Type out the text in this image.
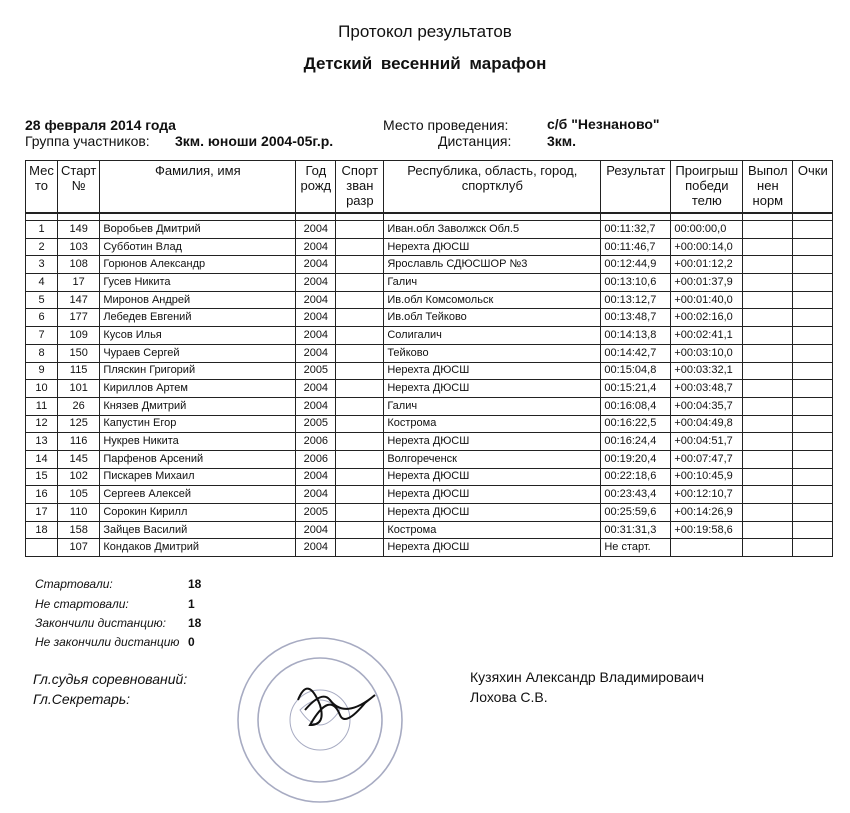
Протокол результатов
Детский весенний марафон
28 февраля 2014 года
Группа участников: 3км. юноши 2004-05г.р.
Место проведения:	с/б "Незнаново"
Дистанция:	3км.
Мес то	Старт №	Фамилия, имя	Год рожд	Спорт зван разр	Республика, область, город, спортклуб	Результат	Проигрыш победи телю	Выпол нен норм	Очки

1	149	Воробьев Дмитрий	2004		Иван.обл Заволжск Обл.5	00:11:32,7	00:00:00,0		
2	103	Субботин Влад	2004		Нерехта ДЮСШ	00:11:46,7	+00:00:14,0		
3	108	Горюнов Александр	2004		Ярославль СДЮСШОР №3	00:12:44,9	+00:01:12,2		
4	17	Гусев Никита	2004		Галич	00:13:10,6	+00:01:37,9		
5	147	Миронов Андрей	2004		Ив.обл Комсомольск	00:13:12,7	+00:01:40,0		
6	177	Лебедев Евгений	2004		Ив.обл Тейково	00:13:48,7	+00:02:16,0		
7	109	Кусов Илья	2004		Солигалич	00:14:13,8	+00:02:41,1		
8	150	Чураев Сергей	2004		Тейково	00:14:42,7	+00:03:10,0		
9	115	Пляскин Григорий	2005		Нерехта ДЮСШ	00:15:04,8	+00:03:32,1		
10	101	Кириллов Артем	2004		Нерехта ДЮСШ	00:15:21,4	+00:03:48,7		
11	26	Князев Дмитрий	2004		Галич	00:16:08,4	+00:04:35,7		
12	125	Капустин Егор	2005		Кострома	00:16:22,5	+00:04:49,8		
13	116	Нукрев Никита	2006		Нерехта ДЮСШ	00:16:24,4	+00:04:51,7		
14	145	Парфенов Арсений	2006		Волгореченск	00:19:20,4	+00:07:47,7		
15	102	Пискарев Михаил	2004		Нерехта ДЮСШ	00:22:18,6	+00:10:45,9		
16	105	Сергеев Алексей	2004		Нерехта ДЮСШ	00:23:43,4	+00:12:10,7		
17	110	Сорокин Кирилл	2005		Нерехта ДЮСШ	00:25:59,6	+00:14:26,9		
18	158	Зайцев Василий	2004		Кострома	00:31:31,3	+00:19:58,6		
	107	Кондаков Дмитрий	2004		Нерехта ДЮСШ	Не старт.			
Стартовали:	18
Не стартовали:	1
Закончили дистанцию: 18
Не закончили дистанцию 0
Гл.судья соревнований:	Кузяхин Александр Владимироваич
Гл.Секретарь:	Лохова С.В.
